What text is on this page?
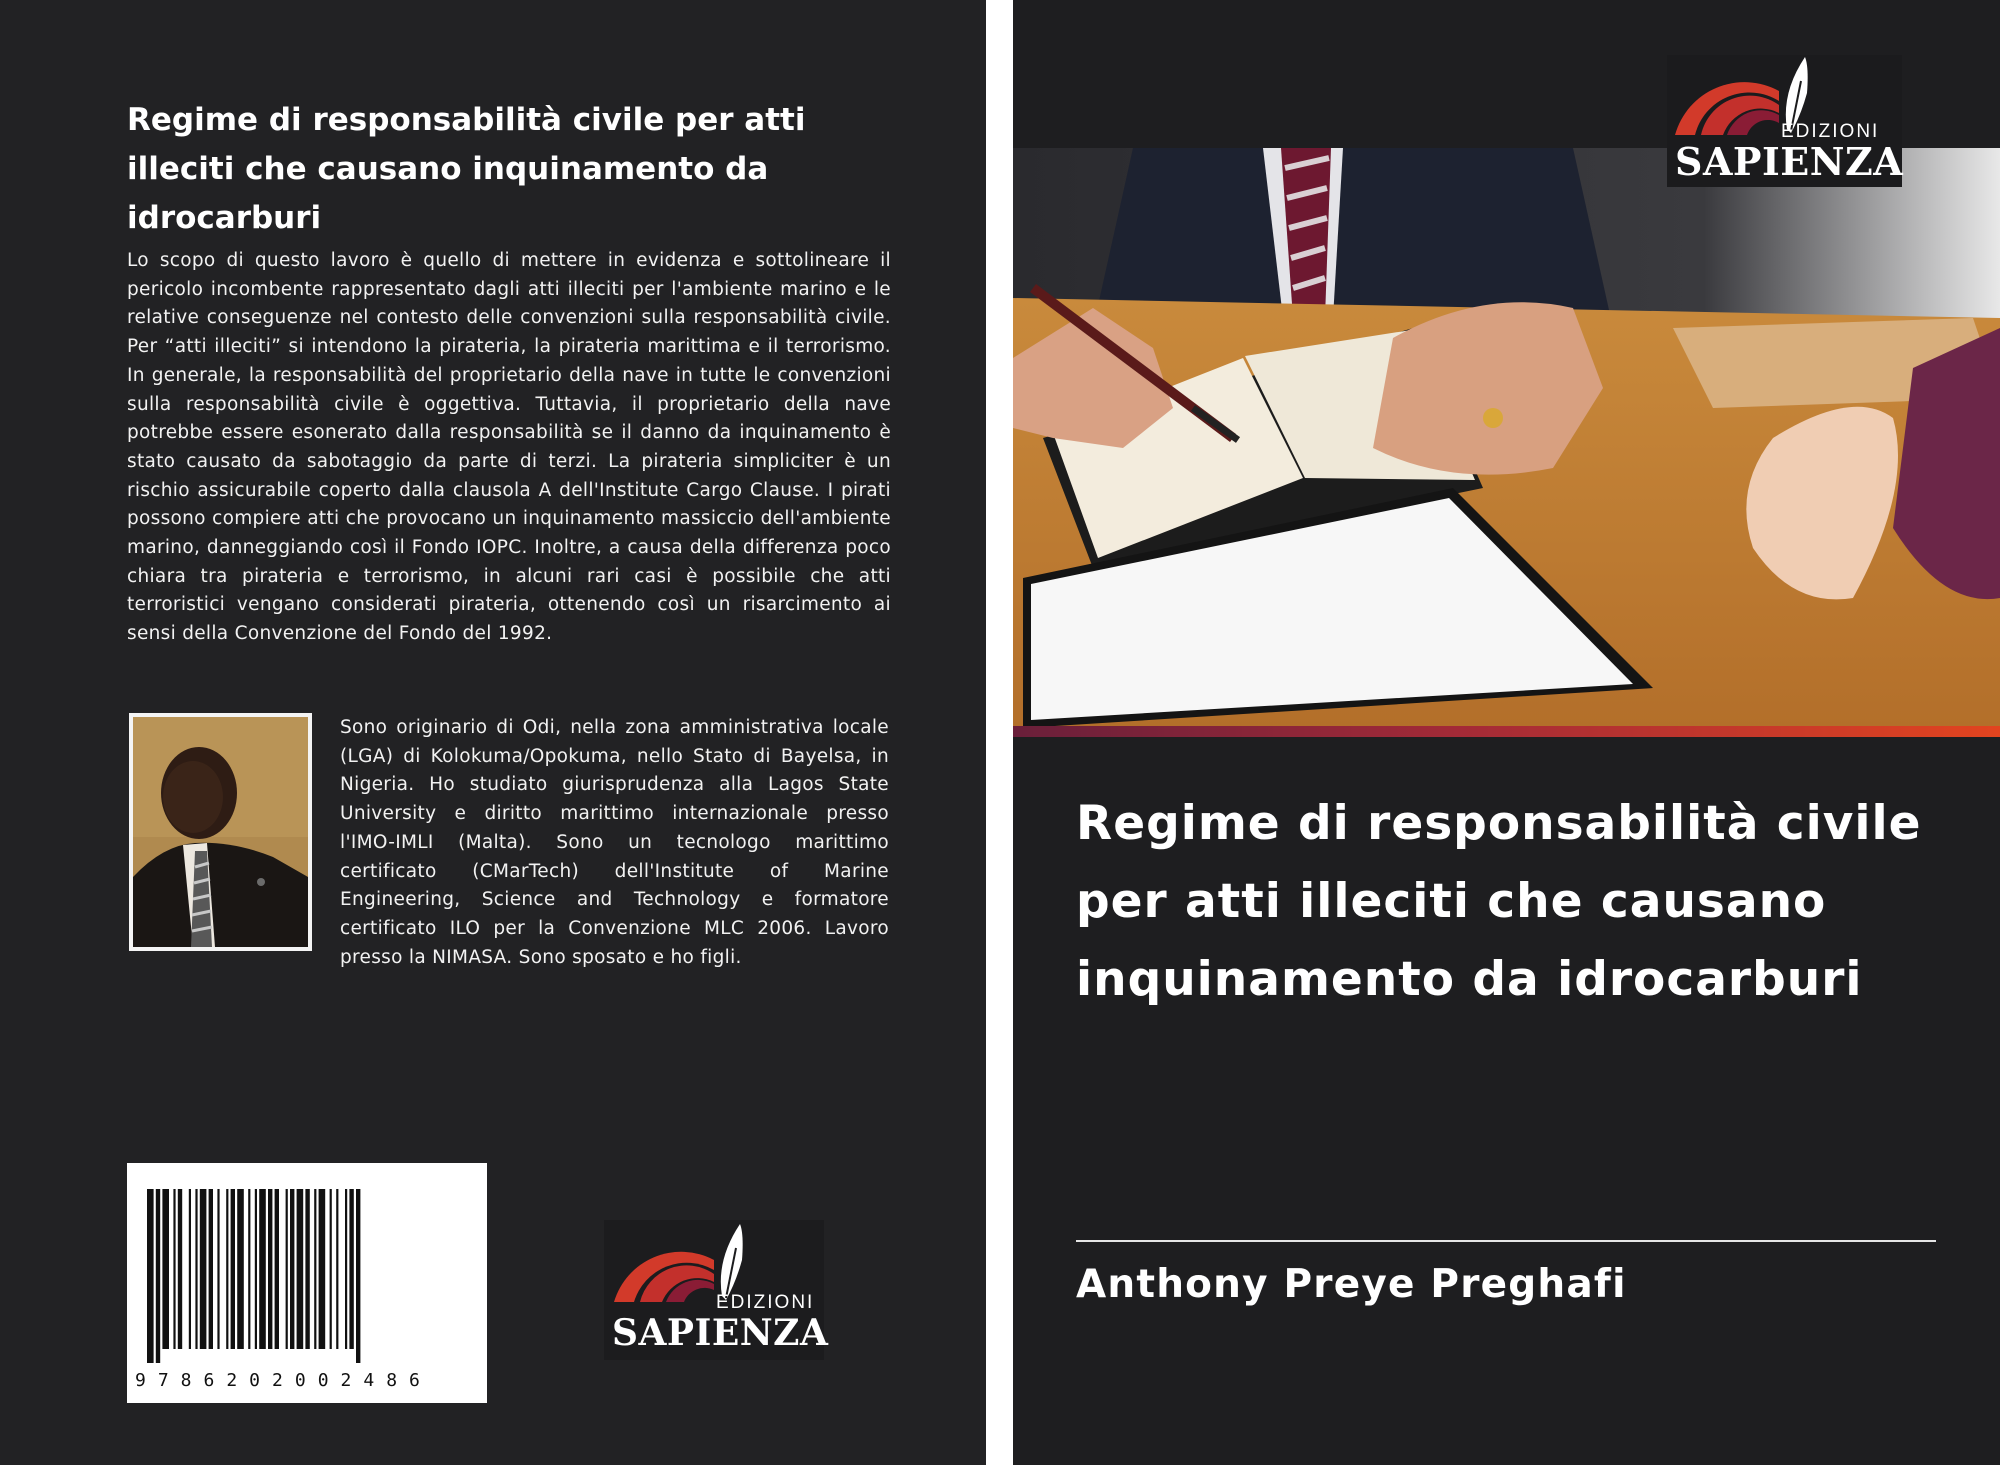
Regime di responsabilità civile per atti illeciti che causano inquinamento da idrocarburi
Lo scopo di questo lavoro è quello di mettere in evidenza e sottolineare il pericolo incombente rappresentato dagli atti illeciti per l'ambiente marino e le relative conseguenze nel contesto delle convenzioni sulla responsabilità civile. Per “atti illeciti” si intendono la pirateria, la pirateria marittima e il terrorismo. In generale, la responsabilità del proprietario della nave in tutte le convenzioni sulla responsabilità civile è oggettiva. Tuttavia, il proprietario della nave potrebbe essere esonerato dalla responsabilità se il danno da inquinamento è stato causato da sabotaggio da parte di terzi. La pirateria simpliciter è un rischio assicurabile coperto dalla clausola A dell'Institute Cargo Clause. I pirati possono compiere atti che provocano un inquinamento massiccio dell'ambiente marino, danneggiando così il Fondo IOPC. Inoltre, a causa della differenza poco chiara tra pirateria e terrorismo, in alcuni rari casi è possibile che atti terroristici vengano considerati pirateria, ottenendo così un risarcimento ai sensi della Convenzione del Fondo del 1992.
Sono originario di Odi, nella zona amministrativa locale (LGA) di Kolokuma/Opokuma, nello Stato di Bayelsa, in Nigeria. Ho studiato giurisprudenza alla Lagos State University e diritto marittimo internazionale presso l'IMO-IMLI (Malta). Sono un tecnologo marittimo certificato (CMarTech) dell'Institute of Marine Engineering, Science and Technology e formatore certificato ILO per la Convenzione MLC 2006. Lavoro presso la NIMASA. Sono sposato e ho figli.
9786202002486
EDIZIONI
SAPIENZA
EDIZIONI
SAPIENZA
Regime di responsabilità civile per atti illeciti che causano inquinamento da idrocarburi
Anthony Preye Preghafi
